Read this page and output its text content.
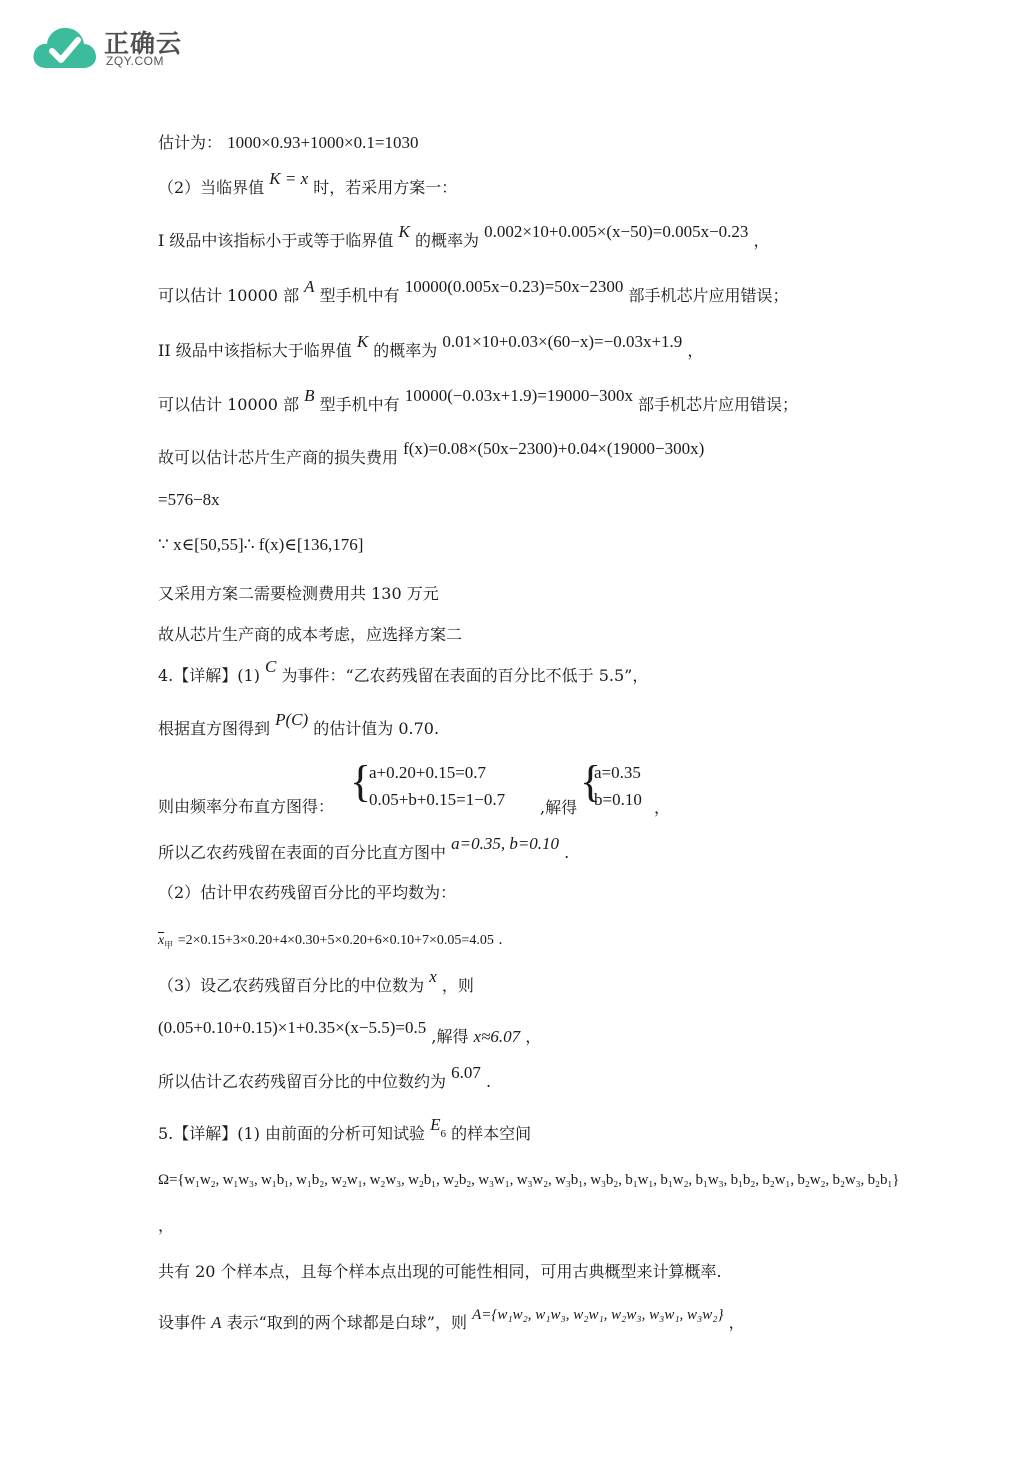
正确云
ZQY.COM
估计为： 1000×0.93+1000×0.1=1030
（2）当临界值 K = x 时，若采用方案一：
I 级品中该指标小于或等于临界值 K 的概率为 0.002×10+0.005×(x−50)=0.005x−0.23 ，
可以估计 10000 部 A 型手机中有 10000(0.005x−0.23)=50x−2300 部手机芯片应用错误；
II 级品中该指标大于临界值 K 的概率为 0.01×10+0.03×(60−x)=−0.03x+1.9 ，
可以估计 10000 部 B 型手机中有 10000(−0.03x+1.9)=19000−300x 部手机芯片应用错误；
故可以估计芯片生产商的损失费用 f(x)=0.08×(50x−2300)+0.04×(19000−300x)
=576−8x
∵ x∈[50,55]∴ f(x)∈[136,176]
又采用方案二需要检测费用共 130 万元
故从芯片生产商的成本考虑，应选择方案二
4.【详解】(1) C 为事件：“乙农药残留在表面的百分比不低于 5.5”，
根据直方图得到 P(C) 的估计值为 0.70.
则由频率分布直方图得：
{
a+0.20+0.15=0.7
0.05+b+0.15=1−0.7 ,解得
{
a=0.35
b=0.10 ，
所以乙农药残留在表面的百分比直方图中 a=0.35, b=0.10 .
（2）估计甲农药残留百分比的平均数为：
$\overline{x}_甲 =2\times 0.15+3\times 0.20+4\times 0.30+5\times 0.20+6\times 0.10+7\times 0.05=4.05$ .
（3）设乙农药残留百分比的中位数为 x ，则
(0.05+0.10+0.15)×1+0.35×(x−5.5)=0.5 ,解得 x≈6.07 ，
所以估计乙农药残留百分比的中位数约为 6.07 .
5.【详解】(1) 由前面的分析可知试验 $E_6$ 的样本空间
Ω={w₁w₂, w₁w₃, w₁b₁, w₁b₂, w₂w₁, w₂w₃, w₂b₁, w₂b₂, w₃w₁, w₃w₂, w₃b₁, w₃b₂, b₁w₁, b₁w₂, b₁w₃, b₁b₂, b₂w₁, b₂w₂, b₂w₃, b₂b₁}
，
共有 20 个样本点，且每个样本点出现的可能性相同，可用古典概型来计算概率.
设事件 A 表示“取到的两个球都是白球”，则 A={w₁w₂, w₁w₃, w₂w₁, w₂w₃, w₃w₁, w₃w₂} ，
